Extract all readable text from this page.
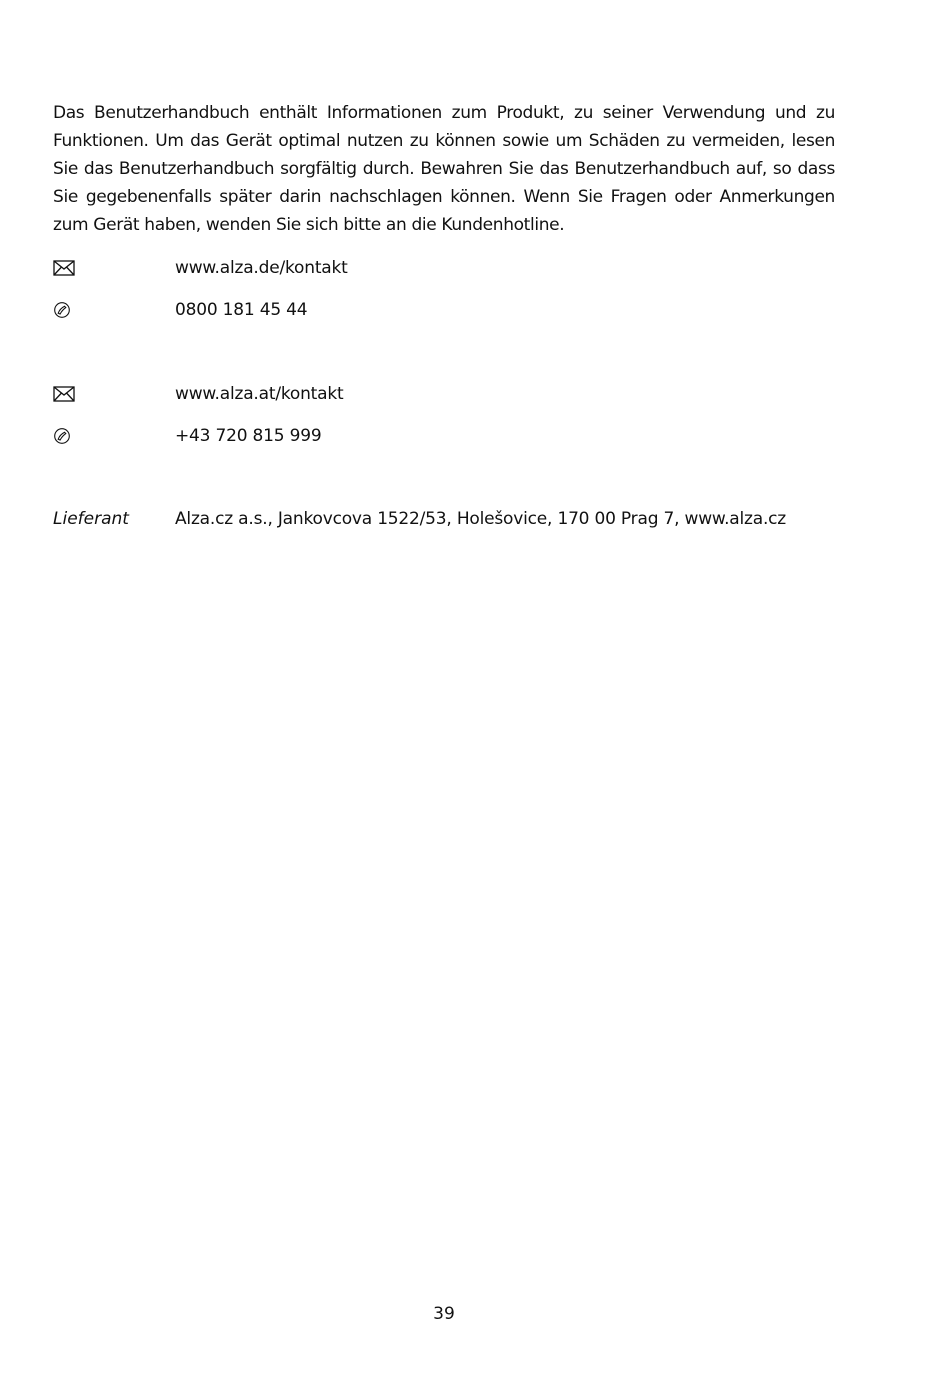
Das Benutzerhandbuch enthält Informationen zum Produkt, zu seiner Verwendung und zu Funktionen. Um das Gerät optimal nutzen zu können sowie um Schäden zu vermeiden, lesen Sie das Benutzerhandbuch sorgfältig durch. Bewahren Sie das Benutzerhandbuch auf, so dass Sie gegebenenfalls später darin nachschlagen können. Wenn Sie Fragen oder Anmerkungen zum Gerät haben, wenden Sie sich bitte an die Kundenhotline.

www.alza.de/kontakt
0800 181 45 44
www.alza.at/kontakt
+43 720 815 999
Lieferant	Alza.cz a.s., Jankovcova 1522/53, Holešovice, 170 00 Prag 7, www.alza.cz
39
